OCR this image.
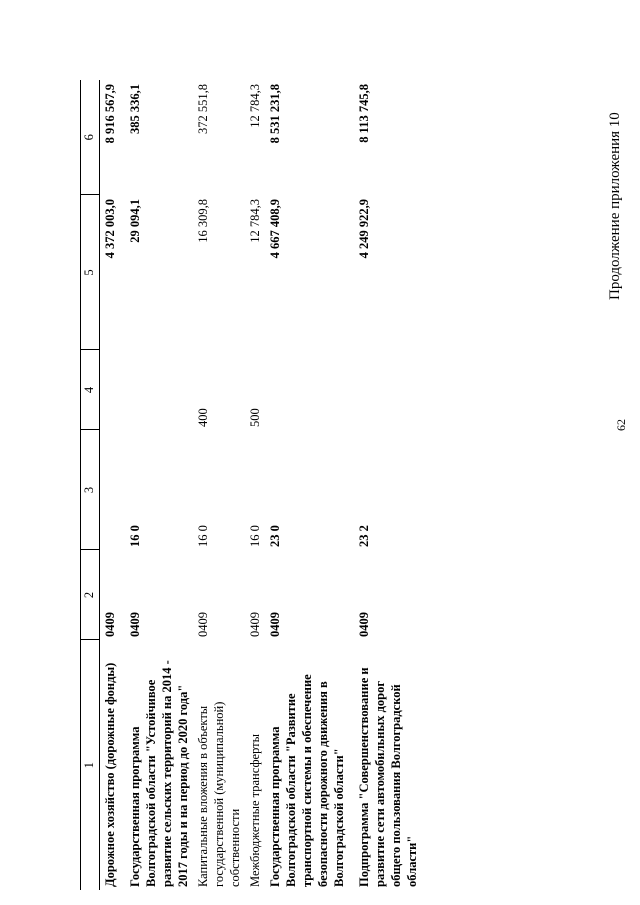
1	2	3	4	5	6
Дорожное хозяйство (дорожные фонды)	0409			4 372 003,0	8 916 567,9
Государственная программа Волгоградской области "Устойчивое развитие сельских территорий на 2014 - 2017 годы и на период до 2020 года"	0409	16 0		29 094,1	385 336,1
Капитальные вложения в объекты государственной (муниципальной) собственности	0409	16 0	400	16 309,8	372 551,8
Межбюджетные трансферты	0409	16 0	500	12 784,3	12 784,3
Государственная программа Волгоградской области "Развитие транспортной системы и обеспечение безопасности дорожного движения в Волгоградской области"	0409	23 0		4 667 408,9	8 531 231,8
Подпрограмма "Совершенствование и развитие сети автомобильных дорог общего пользования Волгоградской области"	0409	23 2		4 249 922,9	8 113 745,8
62
Продолжение приложения 10
